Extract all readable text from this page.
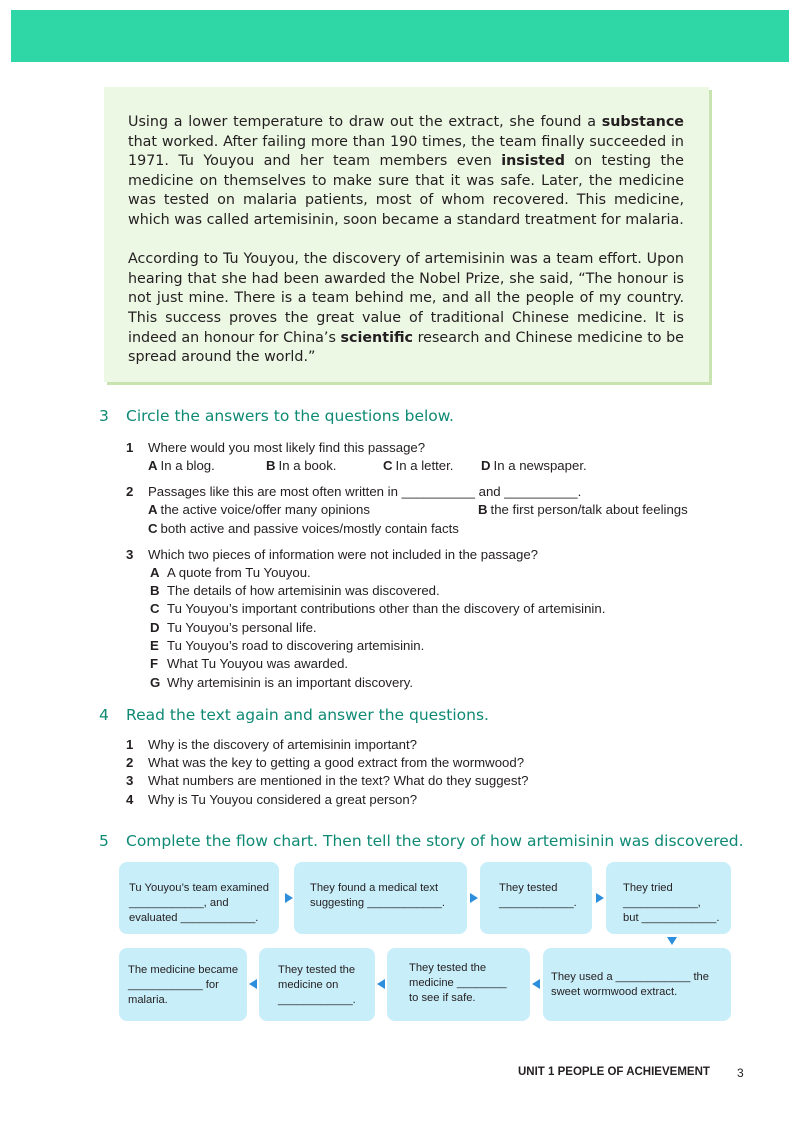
Using a lower temperature to draw out the extract, she found a substance that worked. After failing more than 190 times, the team finally succeeded in 1971. Tu Youyou and her team members even insisted on testing the medicine on themselves to make sure that it was safe. Later, the medicine was tested on malaria patients, most of whom recovered. This medicine, which was called artemisinin, soon became a standard treatment for malaria.

According to Tu Youyou, the discovery of artemisinin was a team effort. Upon hearing that she had been awarded the Nobel Prize, she said, “The honour is not just mine. There is a team behind me, and all the people of my country. This success proves the great value of traditional Chinese medicine. It is indeed an honour for China’s scientific research and Chinese medicine to be spread around the world.”

3 Circle the answers to the questions below.
1 Where would you most likely find this passage?
A In a blog.	B In a book.	C In a letter. D In a newspaper.
2 Passages like this are most often written in __________ and __________.
A the active voice/offer many opinions	B the first person/talk about feelings
C both active and passive voices/mostly contain facts
3 Which two pieces of information were not included in the passage?
A A quote from Tu Youyou.
B The details of how artemisinin was discovered.
C Tu Youyou’s important contributions other than the discovery of artemisinin.
D Tu Youyou’s personal life.
E Tu Youyou’s road to discovering artemisinin.
F What Tu Youyou was awarded.
G Why artemisinin is an important discovery.
4 Read the text again and answer the questions.
1 Why is the discovery of artemisinin important?
2 What was the key to getting a good extract from the wormwood?
3 What numbers are mentioned in the text? What do they suggest?
4 Why is Tu Youyou considered a great person?
5 Complete the flow chart. Then tell the story of how artemisinin was discovered.
Tu Youyou’s team examined
____________, and
evaluated ____________.
They found a medical text
suggesting ____________.
They tested
____________.
They tried
____________,
but ____________.
They used a ____________ the
sweet wormwood extract.
They tested the
medicine ________
to see if safe.
They tested the
medicine on
____________.
The medicine became
____________ for
malaria.
UNIT 1 PEOPLE OF ACHIEVEMENT 3
